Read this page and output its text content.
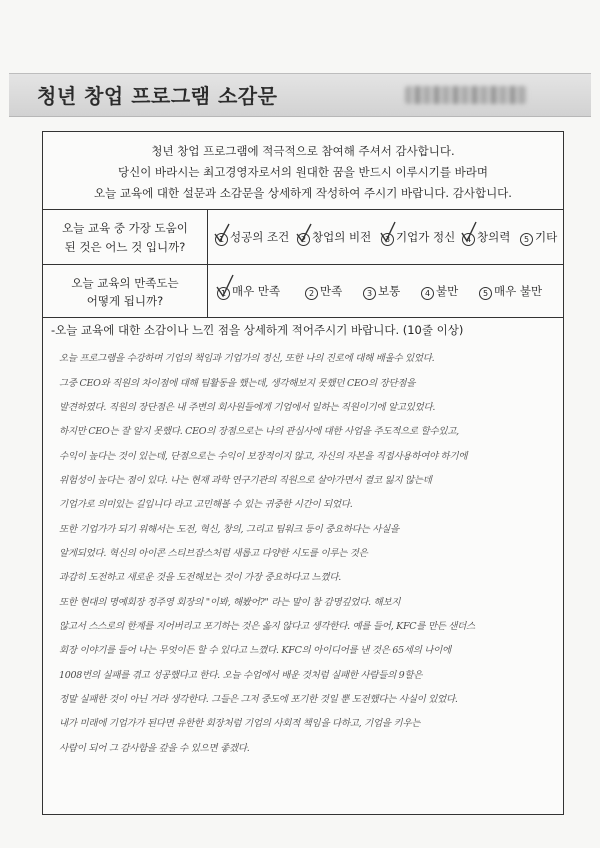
청년 창업 프로그램 소감문
청년 창업 프로그램에 적극적으로 참여해 주셔서 감사합니다.
당신이 바라시는 최고경영자로서의 원대한 꿈을 반드시 이루시기를 바라며
오늘 교육에 대한 설문과 소감문을 상세하게 작성하여 주시기 바랍니다. 감사합니다.
오늘 교육 중 가장 도움이
된 것은 어느 것 입니까?
1 성공의 조건	2 창업의 비전	3 기업가 정신	4 창의력	5 기타
오늘 교육의 만족도는
어떻게 됩니까?
1 매우 만족	2 만족	3 보통	4 불만	5 매우 불만
-오늘 교육에 대한 소감이나 느낀 점을 상세하게 적어주시기 바랍니다. (10줄 이상)
오늘 프로그램을 수강하며 기업의 책임과 기업가의 정신, 또한 나의 진로에 대해 배울수 있었다.
그중 CEO와 직원의 차이점에 대해 팀활동을 했는데, 생각해보지 못했던 CEO의 장단점을
발견하였다. 직원의 장단점은 내 주변의 회사원들에게 기업에서 일하는 직원이기에 알고있었다.
하지만 CEO는 잘 알지 못했다. CEO의 장점으로는 나의 관심사에 대한 사업을 주도적으로 할수있고,
수익이 높다는 것이 있는데, 단점으로는 수익이 보장적이지 않고, 자신의 자본을 직접사용하여야 하기에
위험성이 높다는 점이 있다. 나는 현재 과학 연구기관의 직원으로 살아가면서 결코 잃지 않는데
기업가로 의미있는 길입니다 라고 고민해볼 수 있는 귀중한 시간이 되었다.
또한 기업가가 되기 위해서는 도전, 혁신, 창의, 그리고 팀워크 등이 중요하다는 사실을
알게되었다. 혁신의 아이콘 스티브잡스처럼 새롭고 다양한 시도를 이루는 것은
과감히 도전하고 새로운 것을 도전해보는 것이 가장 중요하다고 느꼈다.
또한 현대의 명예회장 정주영 회장의 "이봐, 해봤어?" 라는 말이 참 감명깊었다. 해보지
않고서 스스로의 한계를 지어버리고 포기하는 것은 옳지 않다고 생각한다. 예를 들어, KFC를 만든 샌더스
회장 이야기를 들어 나는 무엇이든 할 수 있다고 느꼈다. KFC의 아이디어를 낸 것은 65세의 나이에
1008번의 실패를 겪고 성공했다고 한다. 오늘 수업에서 배운 것처럼 실패한 사람들의 9할은
정말 실패한 것이 아닌 거라 생각한다. 그들은 그저 중도에 포기한 것일 뿐 도전했다는 사실이 있었다.
내가 미래에 기업가가 된다면 유한한 회장처럼 기업의 사회적 책임을 다하고, 기업을 키우는
사람이 되어 그 감사함을 갚을 수 있으면 좋겠다.
